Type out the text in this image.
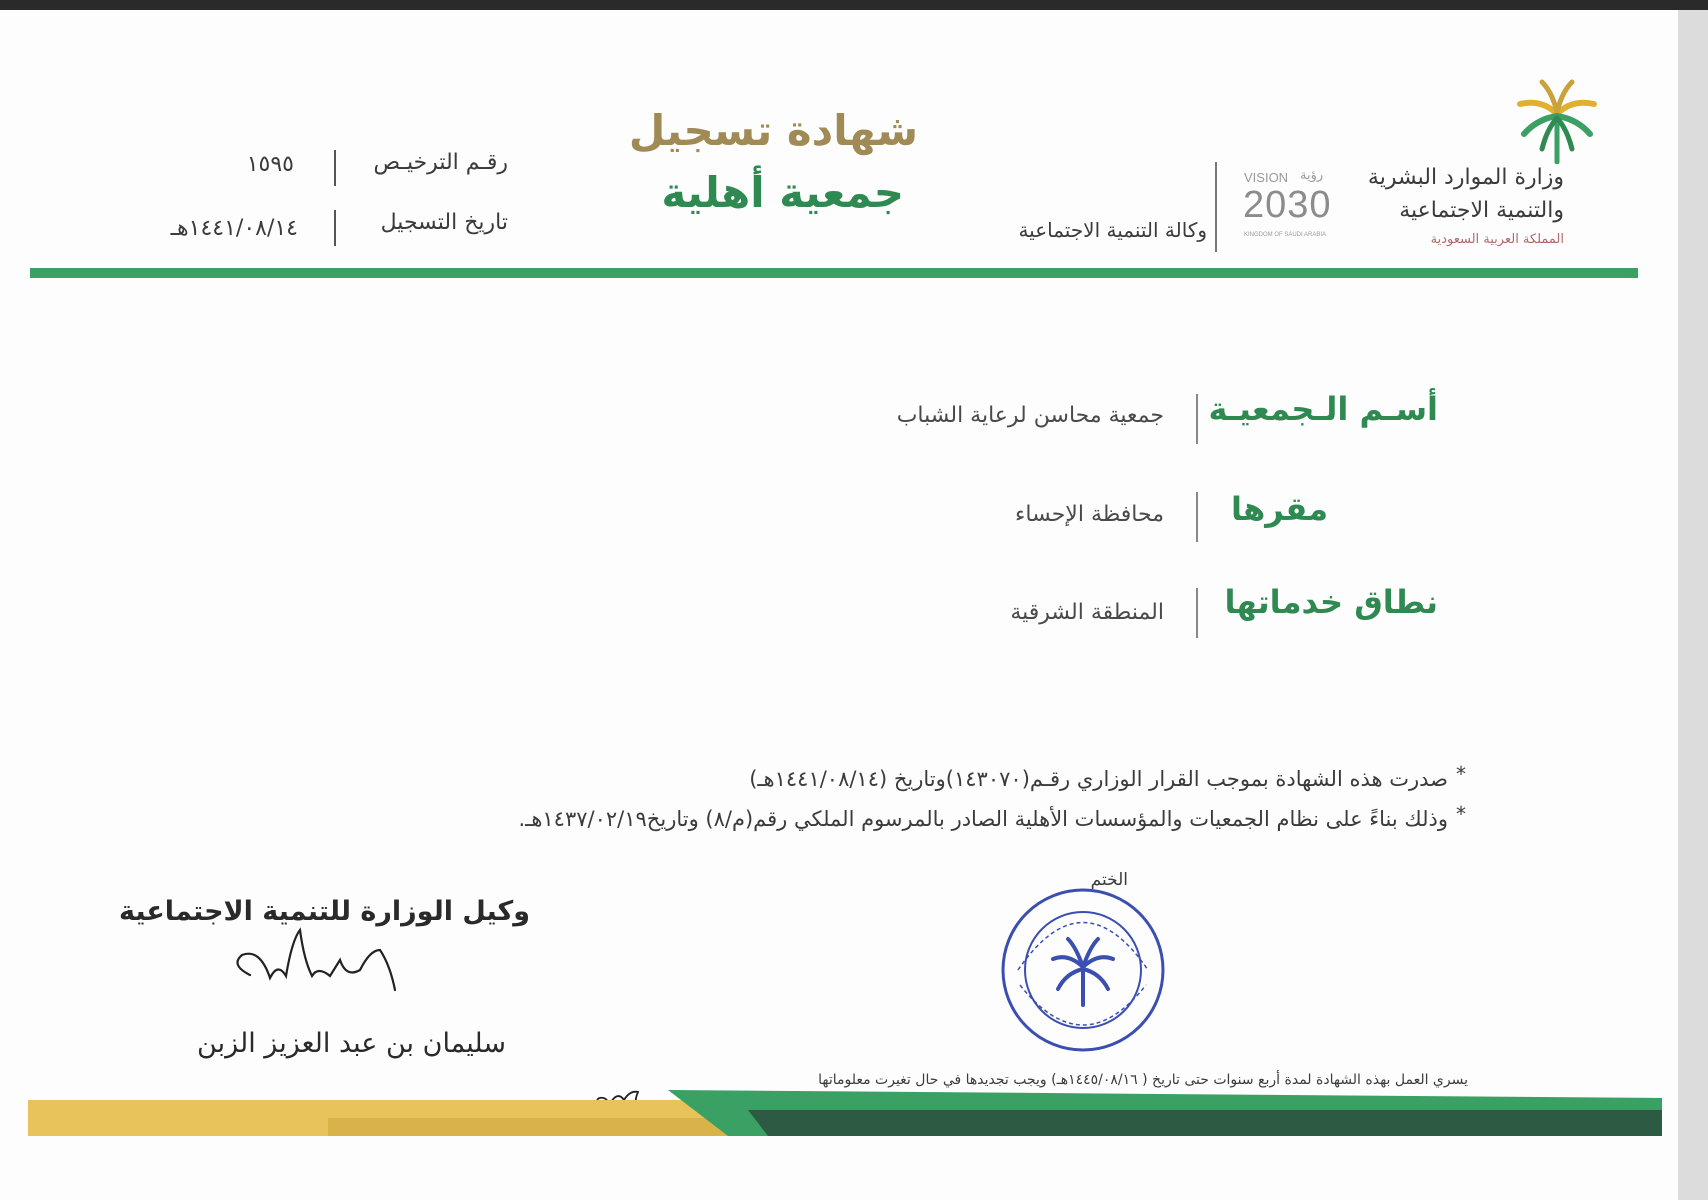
وزارة الموارد البشرية
والتنمية الاجتماعية
المملكة العربية السعودية
VISION رؤية
2030
KINGDOM OF SAUDI ARABIA
وكالة التنمية الاجتماعية
شهادة تسجيل
جمعية أهلية
رقـم الترخيـص
١٥٩٥
تاريخ التسجيل
١٤٤١/٠٨/١٤هـ
أسـم الـجمعيـة
جمعية محاسن لرعاية الشباب
مقرها
محافظة الإحساء
نطاق خدماتها
المنطقة الشرقية
*
صدرت هذه الشهادة بموجب القرار الوزاري رقـم(١٤٣٠٧٠)وتاريخ (١٤٤١/٠٨/١٤هـ)
*
وذلك بناءً على نظام الجمعيات والمؤسسات الأهلية الصادر بالمرسوم الملكي رقم(م/٨) وتاريخ١٤٣٧/٠٢/١٩هـ.
الختم
وكيل الوزارة للتنمية الاجتماعية
سليمان بن عبد العزيز الزبن
يسري العمل بهذه الشهادة لمدة أربع سنوات حتى تاريخ ( ١٤٤٥/٠٨/١٦هـ) ويجب تجديدها في حال تغيرت معلوماتها
